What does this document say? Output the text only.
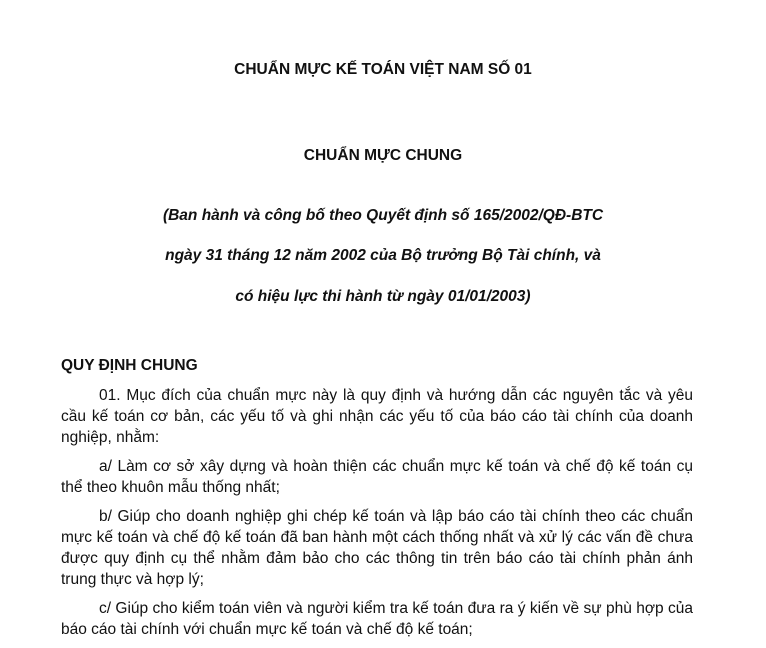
CHUẨN MỰC KẾ TOÁN VIỆT NAM SỐ 01
CHUẨN MỰC CHUNG
(Ban hành và công bố theo Quyết định số 165/2002/QĐ-BTC
ngày 31 tháng 12 năm 2002 của Bộ trưởng Bộ Tài chính, và
có hiệu lực thi hành từ ngày 01/01/2003)
QUY ĐỊNH CHUNG

01. Mục đích của chuẩn mực này là quy định và hướng dẫn các nguyên tắc và yêu cầu kế toán cơ bản, các yếu tố và ghi nhận các yếu tố của báo cáo tài chính của doanh nghiệp, nhằm:

a/ Làm cơ sở xây dựng và hoàn thiện các chuẩn mực kế toán và chế độ kế toán cụ thể theo khuôn mẫu thống nhất;

b/ Giúp cho doanh nghiệp ghi chép kế toán và lập báo cáo tài chính theo các chuẩn mực kế toán và chế độ kế toán đã ban hành một cách thống nhất và xử lý các vấn đề chưa được quy định cụ thể nhằm đảm bảo cho các thông tin trên báo cáo tài chính phản ánh trung thực và hợp lý;

c/ Giúp cho kiểm toán viên và người kiểm tra kế toán đưa ra ý kiến về sự phù hợp của báo cáo tài chính với chuẩn mực kế toán và chế độ kế toán;
